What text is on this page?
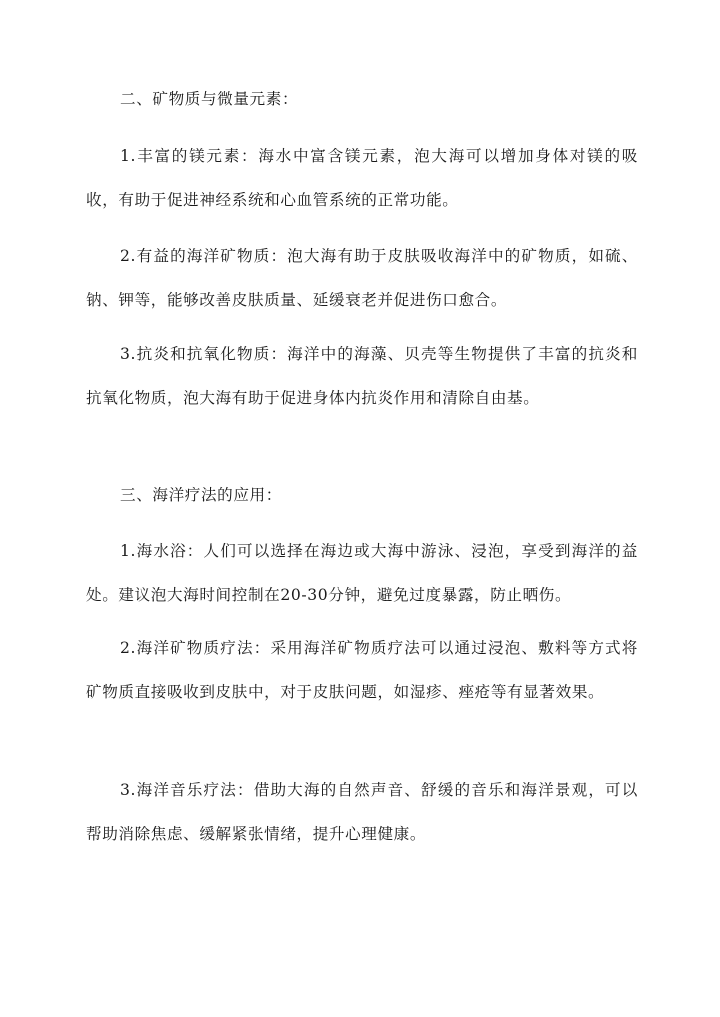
二、矿物质与微量元素：

1.丰富的镁元素：海水中富含镁元素，泡大海可以增加身体对镁的吸收，有助于促进神经系统和心血管系统的正常功能。

2.有益的海洋矿物质：泡大海有助于皮肤吸收海洋中的矿物质，如硫、钠、钾等，能够改善皮肤质量、延缓衰老并促进伤口愈合。

3.抗炎和抗氧化物质：海洋中的海藻、贝壳等生物提供了丰富的抗炎和抗氧化物质，泡大海有助于促进身体内抗炎作用和清除自由基。

三、海洋疗法的应用：

1.海水浴：人们可以选择在海边或大海中游泳、浸泡，享受到海洋的益处。建议泡大海时间控制在20-30分钟，避免过度暴露，防止晒伤。

2.海洋矿物质疗法：采用海洋矿物质疗法可以通过浸泡、敷料等方式将矿物质直接吸收到皮肤中，对于皮肤问题，如湿疹、痤疮等有显著效果。

3.海洋音乐疗法：借助大海的自然声音、舒缓的音乐和海洋景观，可以帮助消除焦虑、缓解紧张情绪，提升心理健康。
